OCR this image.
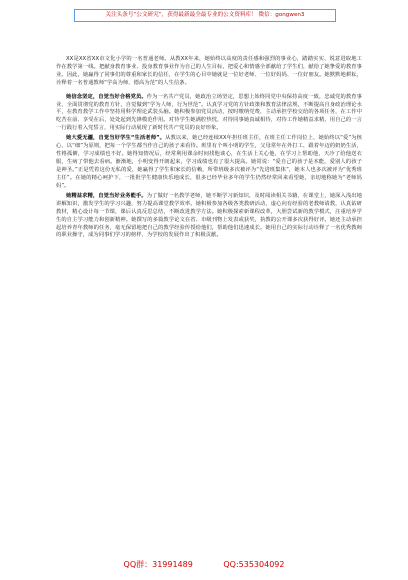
关注头条号“公文研究”，获得最新最全最专业的公文资料库！ 微信：gongwen3

XX是XX省XX市文化小学的一名普通老师。从教XX年来，她始终以高度的责任感和强烈的事业心，踏踏实实、锐意进取地工作在教学第一线。把献身教育事业、投身教育事业作为自己的人生目标，把爱心和情感全部献给了学生们，献给了她挚爱的教育事业。因此，她赢得了同事们的尊重和家长的信任，在学生的心目中她就是一位好老师、一位好妈妈、一位好朋友。她默默地耕耘，诠释着一名普通教师“学高为师、德高为范”的人生信条。

她信念坚定，自觉当好合格党员。作为一名共产党员，她政治立场坚定，思想上始终同党中央保持高度一致，忠诚党的教育事业，全面贯彻党的教育方针，自觉做到“学为人师，行为世范”。认真学习党的方针政策和教育法律法规，不断提高自身政治理论水平，在教育教学工作中坚持用科学理论武装头脑。她积极参加党员活动，按时缴纳党费，主动承担学校交给的各项任务，在工作中吃苦在前、享受在后，处处起到先锋模范作用。对待学生她满腔热忱，对待同事她真诚相待，对待工作她精益求精，用自己的一言一行践行着入党誓言，用实际行动展现了新时代共产党员的良好形象。

她大爱无疆，自觉当好学生“生活老师”。从教以来，她已经连续XX年担任班主任，在班主任工作岗位上，她始终以“爱”为核心，以“细”为原则，把每一个学生都当作自己的孩子来看待。班里有个叫小明的学生，父母常年在外打工，跟着年迈的奶奶生活，性格孤僻，学习成绩也不好。她得知情况后，经常利用课余时间找他谈心，在生活上关心他，在学习上帮助他，天冷了给他送衣服，生病了带他去看病。渐渐地，小明变得开朗起来，学习成绩也有了很大提高。她常说：“爱自己的孩子是本能，爱别人的孩子是神圣。”正是凭着这份无私的爱，她赢得了学生和家长的信赖，所带班级多次被评为“先进班集体”，她本人也多次被评为“优秀班主任”。在她的精心呵护下，一批批学生健康快乐地成长，很多已经毕业多年的学生仍然经常回来看望她，亲切地称她为“老师妈妈”。

她精益求精，自觉当好业务能手。为了做好一名教学老师，她不断学习新知识，及时阅读相关书籍，在课堂上，她深入浅出地讲解知识，激发学生的学习兴趣，努力提高课堂教学效率。她积极参加各级各类教研活动，虚心向有经验的老教师请教，认真钻研教材，精心设计每一节课，课后认真反思总结，不断改进教学方法。她积极探索新课程改革，大胆尝试新的教学模式，注重培养学生的自主学习能力和创新精神。她撰写的多篇教学论文在省、市级刊物上发表或获奖，执教的公开课多次获得好评。她还主动承担起培养青年教师的任务，毫无保留地把自己的教学经验传授给他们，帮助他们迅速成长。她用自己的实际行动诠释了一名优秀教师的职业操守，成为同事们学习的榜样，为学校的发展作出了积极贡献。

QQ群：31991489	QQ:535304092
